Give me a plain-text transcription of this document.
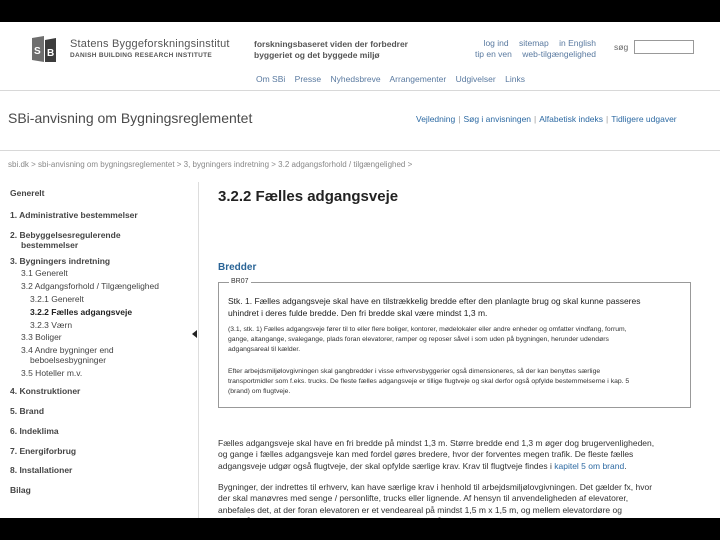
S B
Statens Byggeforskningsinstitut
DANISH BUILDING RESEARCH INSTITUTE
forskningsbaseret viden der forbedrer
byggeriet og det byggede miljø
log ind sitemap in English
tip en ven web-tilgængelighed
søg
Om SBi Presse Nyhedsbreve Arrangementer Udgivelser Links
SBi-anvisning om Bygningsreglementet	Vejledning | Søg i anvisningen | Alfabetisk indeks | Tidligere udgaver
sbi.dk > sbi-anvisning om bygningsreglementet > 3, bygningers indretning > 3.2 adgangsforhold / tilgængelighed >
Generelt
1. Administrative bestemmelser
2. Bebyggelsesregulerende
bestemmelser
3. Bygningers indretning
3.1 Generelt
3.2 Adgangsforhold / Tilgængelighed
3.2.1 Generelt
3.2.2 Fælles adgangsveje
3.2.3 Værn
3.3 Boliger
3.4 Andre bygninger end
beboelsesbygninger
3.5 Hoteller m.v.
4. Konstruktioner
5. Brand
6. Indeklima
7. Energiforbrug
8. Installationer
Bilag
3.2.2 Fælles adgangsveje
Bredder
BR07
Stk. 1. Fælles adgangsveje skal have en tilstrækkelig bredde efter den planlagte brug og skal kunne passeres
uhindret i deres fulde bredde. Den fri bredde skal være mindst 1,3 m.
(3.1, stk. 1) Fælles adgangsveje fører til to eller flere boliger, kontorer, mødelokaler eller andre enheder og omfatter vindfang, forrum,
gange, altangange, svalegange, plads foran elevatorer, ramper og reposer såvel i som uden på bygningen, herunder udendørs
adgangsareal til kælder.
Efter arbejdsmiljølovgivningen skal gangbredder i visse erhvervsbyggerier også dimensioneres, så der kan benyttes særlige
transportmidler som f.eks. trucks. De fleste fælles adgangsveje er tillige flugtveje og skal derfor også opfylde bestemmelserne i kap. 5
(brand) om flugtveje.
Fælles adgangsveje skal have en fri bredde på mindst 1,3 m. Større bredde end 1,3 m øger dog brugervenligheden,
og gange i fælles adgangsveje kan med fordel gøres bredere, hvor der forventes megen trafik. De fleste fælles
adgangsveje udgør også flugtveje, der skal opfylde særlige krav. Krav til flugtveje findes i kapitel 5 om brand.
Bygninger, der indrettes til erhverv, kan have særlige krav i henhold til arbejdsmiljølovgivningen. Det gælder fx, hvor
der skal manøvres med senge / personlifte, trucks eller lignende. Af hensyn til anvendeligheden af elevatorer,
anbefales det, at der foran elevatoren er et vendeareal på mindst 1,5 m x 1,5 m, og mellem elevatordøre og
